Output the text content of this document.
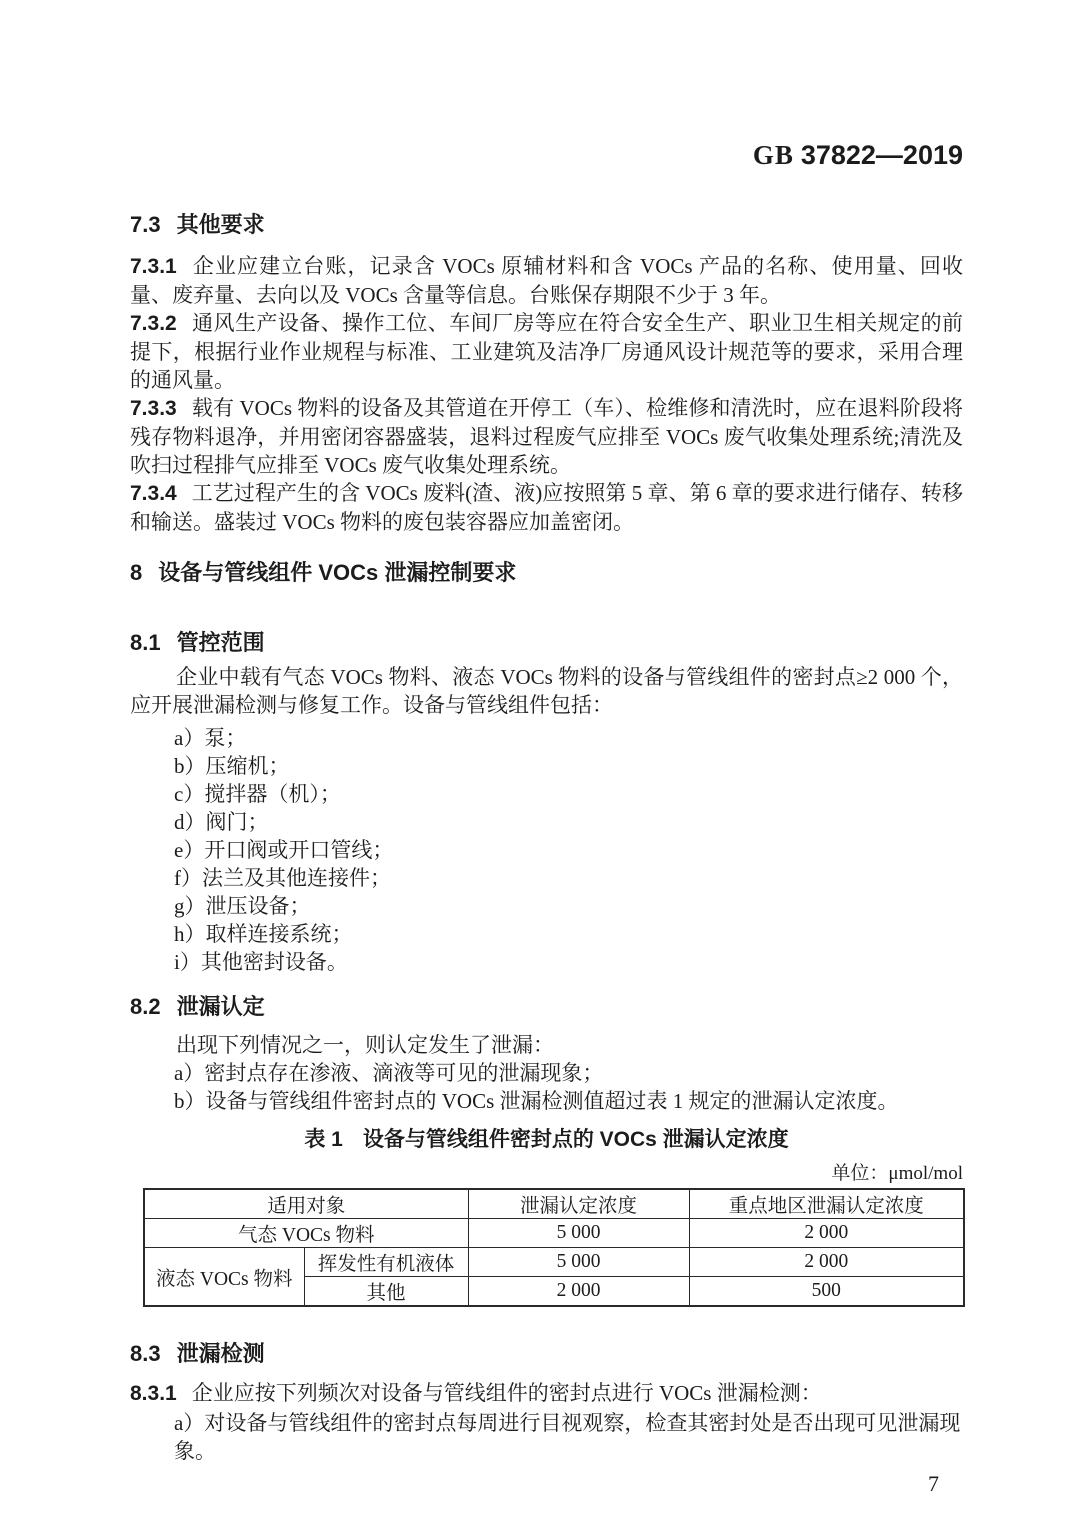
GB 37822—2019
7.3 其他要求

7.3.1 企业应建立台账，记录含 VOCs 原辅材料和含 VOCs 产品的名称、使用量、回收量、废弃量、去向以及 VOCs 含量等信息。台账保存期限不少于 3 年。

7.3.2 通风生产设备、操作工位、车间厂房等应在符合安全生产、职业卫生相关规定的前提下，根据行业作业规程与标准、工业建筑及洁净厂房通风设计规范等的要求，采用合理的通风量。

7.3.3 载有 VOCs 物料的设备及其管道在开停工（车）、检维修和清洗时，应在退料阶段将残存物料退净，并用密闭容器盛装，退料过程废气应排至 VOCs 废气收集处理系统;清洗及吹扫过程排气应排至 VOCs 废气收集处理系统。

7.3.4 工艺过程产生的含 VOCs 废料(渣、液)应按照第 5 章、第 6 章的要求进行储存、转移和输送。盛装过 VOCs 物料的废包装容器应加盖密闭。

8 设备与管线组件 VOCs 泄漏控制要求
8.1 管控范围

企业中载有气态 VOCs 物料、液态 VOCs 物料的设备与管线组件的密封点≥2 000 个，应开展泄漏检测与修复工作。设备与管线组件包括：

a）泵；
b）压缩机；
c）搅拌器（机）；
d）阀门；
e）开口阀或开口管线；
f）法兰及其他连接件；
g）泄压设备；
h）取样连接系统；
i）其他密封设备。
8.2 泄漏认定

出现下列情况之一，则认定发生了泄漏：

a）密封点存在渗液、滴液等可见的泄漏现象；
b）设备与管线组件密封点的 VOCs 泄漏检测值超过表 1 规定的泄漏认定浓度。
表 1 设备与管线组件密封点的 VOCs 泄漏认定浓度
单位：μmol/mol
适用对象		泄漏认定浓度	重点地区泄漏认定浓度
气态 VOCs 物料		5 000	2 000
液态 VOCs 物料	挥发性有机液体	5 000	2 000
	其他	2 000	500
8.3 泄漏检测

8.3.1 企业应按下列频次对设备与管线组件的密封点进行 VOCs 泄漏检测：

a）对设备与管线组件的密封点每周进行目视观察，检查其密封处是否出现可见泄漏现象。
7
